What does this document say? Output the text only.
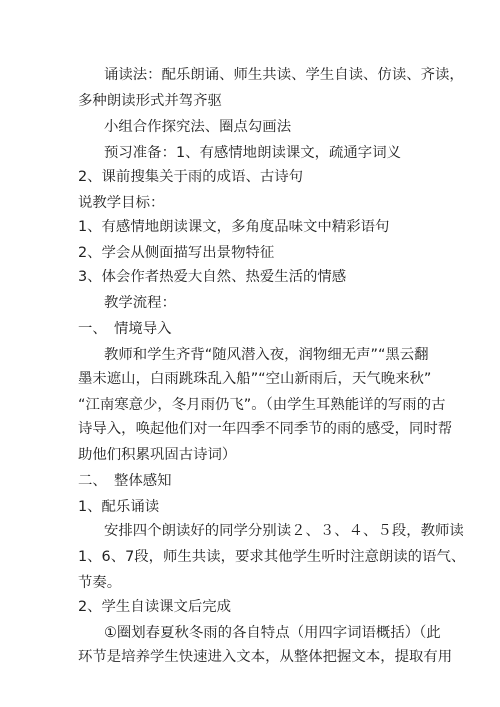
诵读法：配乐朗诵、师生共读、学生自读、仿读、齐读，
多种朗读形式并驾齐驱
小组合作探究法、圈点勾画法
预习准备：1、有感情地朗读课文，疏通字词义
2、课前搜集关于雨的成语、古诗句
说教学目标：
1、有感情地朗读课文，多角度品味文中精彩语句
2、学会从侧面描写出景物特征
3、体会作者热爱大自然、热爱生活的情感
教学流程：
一、　情境导入
教师和学生齐背“随风潜入夜，润物细无声”“黑云翻
墨未遮山，白雨跳珠乱入船”“空山新雨后，天气晚来秋”
“江南寒意少，冬月雨仍飞”。（由学生耳熟能详的写雨的古
诗导入，唤起他们对一年四季不同季节的雨的感受，同时帮
助他们积累巩固古诗词）
二、　整体感知
1、配乐诵读
安排四个朗读好的同学分别读２、３、４、５段，教师读
1、6、7段，师生共读，要求其他学生听时注意朗读的语气、
节奏。
2、学生自读课文后完成
①圈划春夏秋冬雨的各自特点（用四字词语概括）（此
环节是培养学生快速进入文本，从整体把握文本，提取有用
